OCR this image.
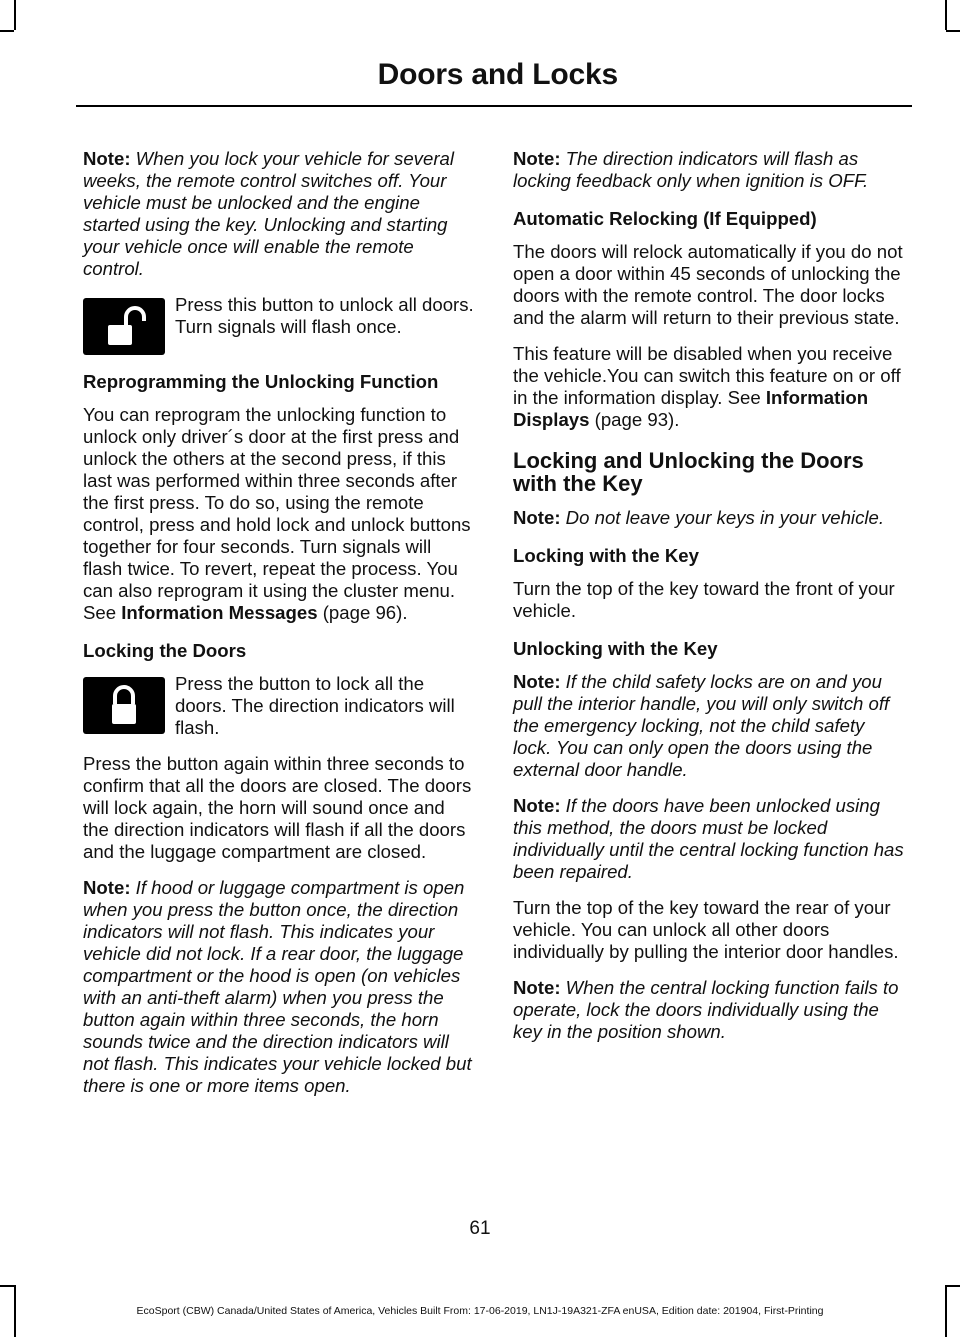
Doors and Locks

Note: When you lock your vehicle for several weeks, the remote control switches off. Your vehicle must be unlocked and the engine started using the key. Unlocking and starting your vehicle once will enable the remote control.

Press this button to unlock all doors. Turn signals will flash once.

Reprogramming the Unlocking Function

You can reprogram the unlocking function to unlock only driver´s door at the first press and unlock the others at the second press, if this last was performed within three seconds after the first press. To do so, using the remote control, press and hold lock and unlock buttons together for four seconds. Turn signals will flash twice. To revert, repeat the process. You can also reprogram it using the cluster menu. See Information Messages (page 96).

Locking the Doors

Press the button to lock all the doors. The direction indicators will flash.

Press the button again within three seconds to confirm that all the doors are closed. The doors will lock again, the horn will sound once and the direction indicators will flash if all the doors and the luggage compartment are closed.

Note: If hood or luggage compartment is open when you press the button once, the direction indicators will not flash. This indicates your vehicle did not lock. If a rear door, the luggage compartment or the hood is open (on vehicles with an anti-theft alarm) when you press the button again within three seconds, the horn sounds twice and the direction indicators will not flash. This indicates your vehicle locked but there is one or more items open.

Note: The direction indicators will flash as locking feedback only when ignition is OFF.

Automatic Relocking (If Equipped)

The doors will relock automatically if you do not open a door within 45 seconds of unlocking the doors with the remote control. The door locks and the alarm will return to their previous state.

This feature will be disabled when you receive the vehicle.You can switch this feature on or off in the information display. See Information Displays (page 93).

Locking and Unlocking the Doors with the Key

Note: Do not leave your keys in your vehicle.

Locking with the Key

Turn the top of the key toward the front of your vehicle.

Unlocking with the Key

Note: If the child safety locks are on and you pull the interior handle, you will only switch off the emergency locking, not the child safety lock. You can only open the doors using the external door handle.

Note: If the doors have been unlocked using this method, the doors must be locked individually until the central locking function has been repaired.

Turn the top of the key toward the rear of your vehicle. You can unlock all other doors individually by pulling the interior door handles.

Note: When the central locking function fails to operate, lock the doors individually using the key in the position shown.

61

EcoSport (CBW) Canada/United States of America, Vehicles Built From: 17-06-2019, LN1J-19A321-ZFA enUSA, Edition date: 201904, First-Printing
